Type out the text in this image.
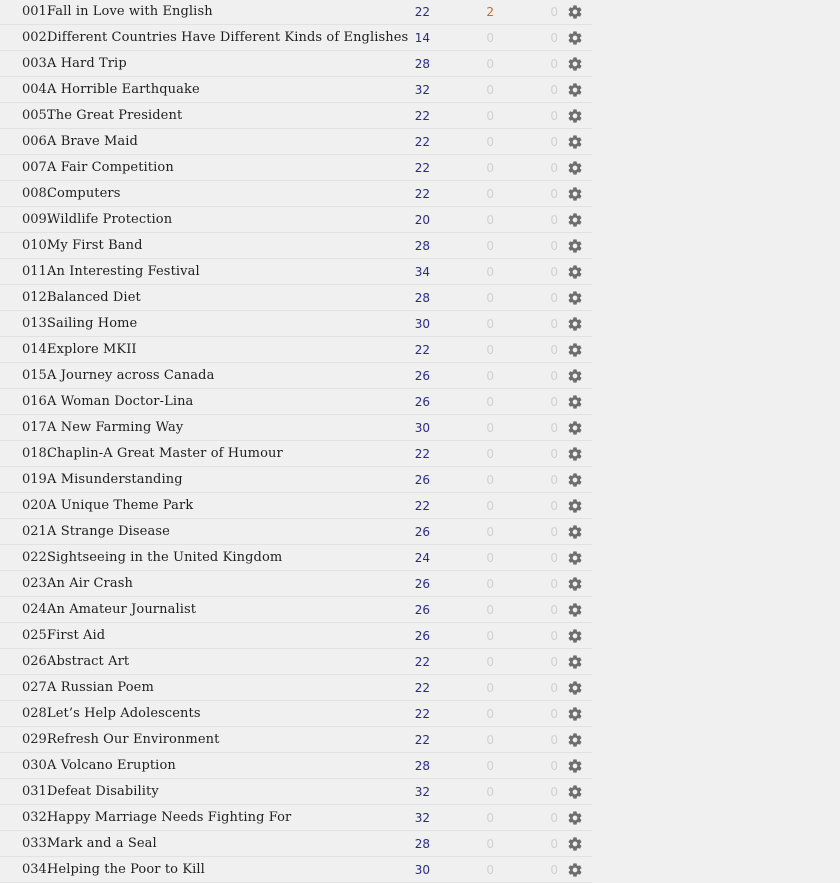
001.
Fall in Love with English	22	2	0
002.
Different Countries Have Different Kinds of Englishes 14	0	0
003.
A Hard Trip	28	0	0
004.
A Horrible Earthquake	32	0	0
005.
The Great President	22	0	0
006.
A Brave Maid	22	0	0
007.
A Fair Competition	22	0	0
008.
Computers	22	0	0
009.
Wildlife Protection	20	0	0
010.
My First Band	28	0	0
011.
An Interesting Festival	34	0	0
012.
Balanced Diet	28	0	0
013.
Sailing Home	30	0	0
014.
Explore MKII	22	0	0
015.
A Journey across Canada	26	0	0
016.
A Woman Doctor-Lina	26	0	0
017.
A New Farming Way	30	0	0
018.
Chaplin-A Great Master of Humour	22	0	0
019.
A Misunderstanding	26	0	0
020.
A Unique Theme Park	22	0	0
021.
A Strange Disease	26	0	0
022.
Sightseeing in the United Kingdom	24	0	0
023.
An Air Crash	26	0	0
024.
An Amateur Journalist	26	0	0
025.
First Aid	26	0	0
026.
Abstract Art	22	0	0
027.
A Russian Poem	22	0	0
028.
Let’s Help Adolescents	22	0	0
029.
Refresh Our Environment	22	0	0
030.
A Volcano Eruption	28	0	0
031.
Defeat Disability	32	0	0
032.
Happy Marriage Needs Fighting For	32	0	0
033.
Mark and a Seal	28	0	0
034.
Helping the Poor to Kill	30	0	0
